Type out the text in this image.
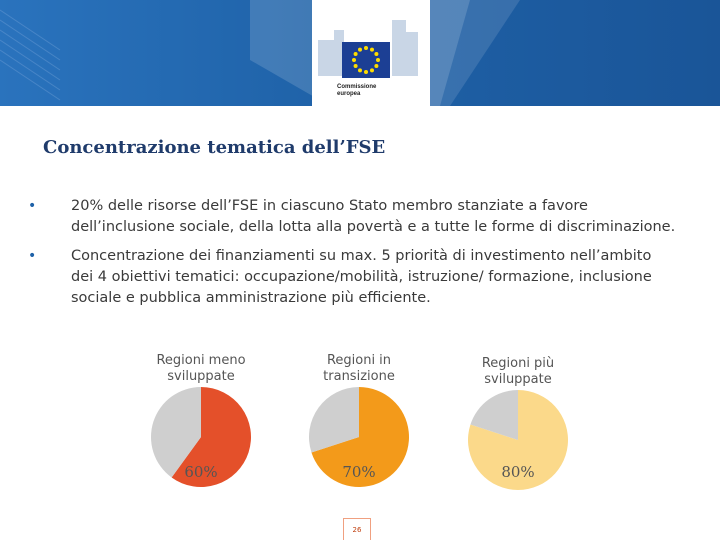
Commissione
europea
Concentrazione tematica dell’FSE
• 20% delle risorse dell’FSE in ciascuno Stato membro stanziate a favore dell’inclusione sociale, della lotta alla povertà e a tutte le forme di discriminazione.
• Concentrazione dei finanziamenti su max. 5 priorità di investimento nell’ambito dei 4 obiettivi tematici: occupazione/mobilità, istruzione/ formazione, inclusione sociale e pubblica amministrazione più efficiente.
Regioni meno sviluppate
60%
Regioni in transizione
70%
Regioni più sviluppate
80%
26
